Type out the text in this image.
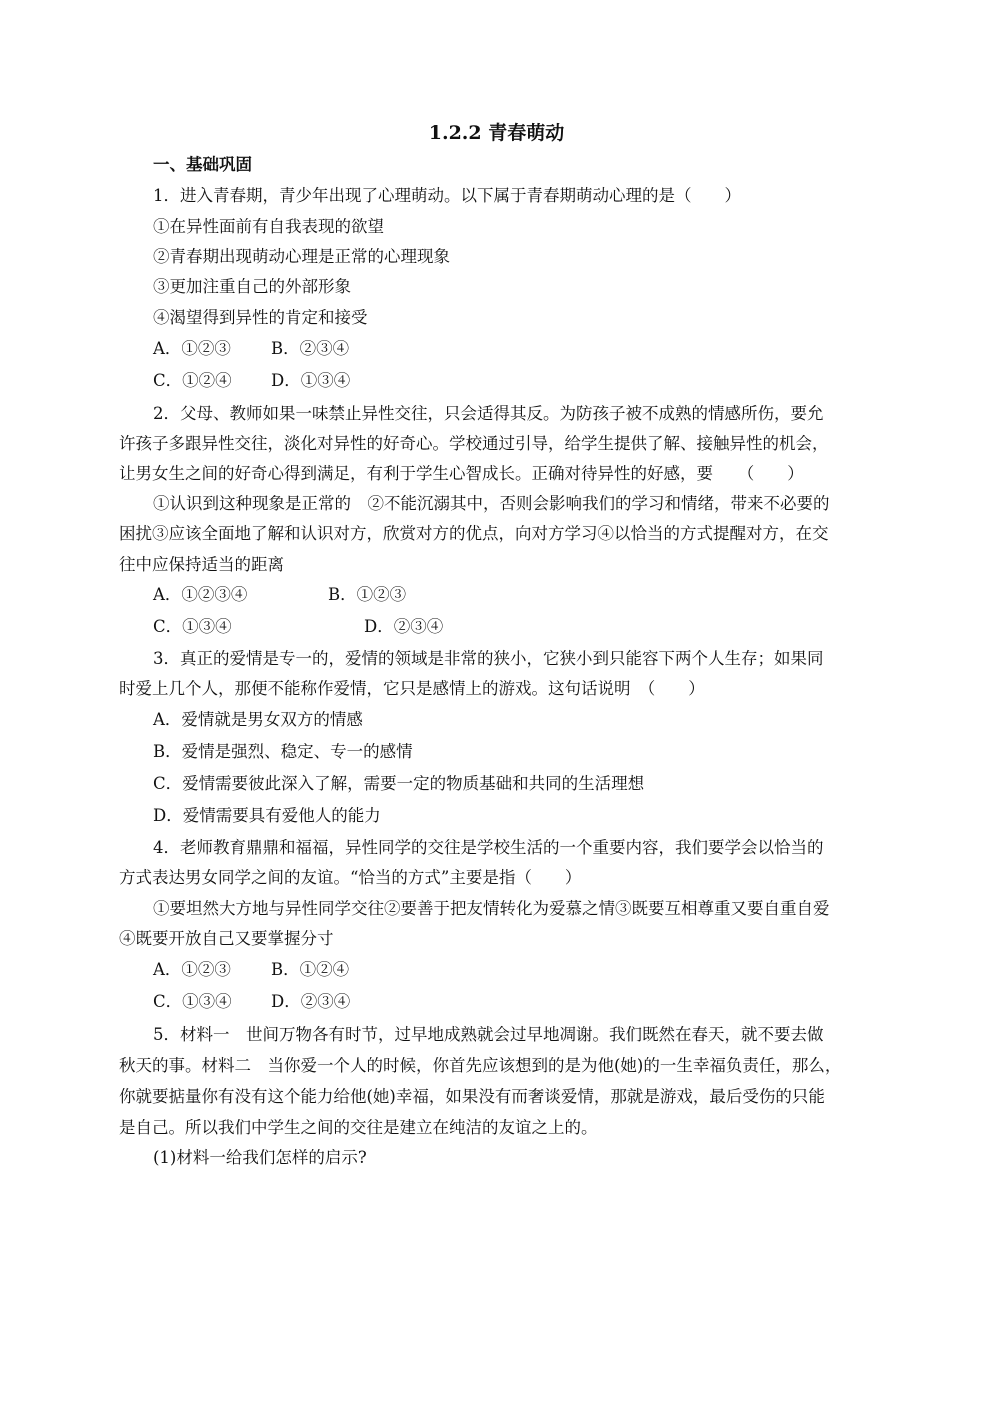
1.2.2 青春萌动
一、基础巩固
1．进入青春期，青少年出现了心理萌动。以下属于青春期萌动心理的是（　　）
①在异性面前有自我表现的欲望
②青春期出现萌动心理是正常的心理现象
③更加注重自己的外部形象
④渴望得到异性的肯定和接受
A．①②③ B．②③④
C．①②④ D．①③④
2．父母、教师如果一味禁止异性交往，只会适得其反。为防孩子被不成熟的情感所伤，要允
许孩子多跟异性交往，淡化对异性的好奇心。学校通过引导，给学生提供了解、接触异性的机会，
让男女生之间的好奇心得到满足，有利于学生心智成长。正确对待异性的好感，要　　（　　）
①认识到这种现象是正常的　②不能沉溺其中，否则会影响我们的学习和情绪，带来不必要的
困扰③应该全面地了解和认识对方，欣赏对方的优点，向对方学习④以恰当的方式提醒对方，在交
往中应保持适当的距离
A．①②③④	B．①②③
C．①③④	D．②③④
3．真正的爱情是专一的，爱情的领域是非常的狭小，它狭小到只能容下两个人生存；如果同
时爱上几个人，那便不能称作爱情，它只是感情上的游戏。这句话说明　（　　）
A．爱情就是男女双方的情感
B．爱情是强烈、稳定、专一的感情
C．爱情需要彼此深入了解，需要一定的物质基础和共同的生活理想
D．爱情需要具有爱他人的能力
4．老师教育鼎鼎和福福，异性同学的交往是学校生活的一个重要内容，我们要学会以恰当的
方式表达男女同学之间的友谊。“恰当的方式”主要是指（　　）
①要坦然大方地与异性同学交往②要善于把友情转化为爱慕之情③既要互相尊重又要自重自爱
④既要开放自己又要掌握分寸
A．①②③ B．①②④
C．①③④ D．②③④
5．材料一　世间万物各有时节，过早地成熟就会过早地凋谢。我们既然在春天，就不要去做
秋天的事。材料二　当你爱一个人的时候，你首先应该想到的是为他(她)的一生幸福负责任，那么，
你就要掂量你有没有这个能力给他(她)幸福，如果没有而奢谈爱情，那就是游戏，最后受伤的只能
是自己。所以我们中学生之间的交往是建立在纯洁的友谊之上的。
(1)材料一给我们怎样的启示?
